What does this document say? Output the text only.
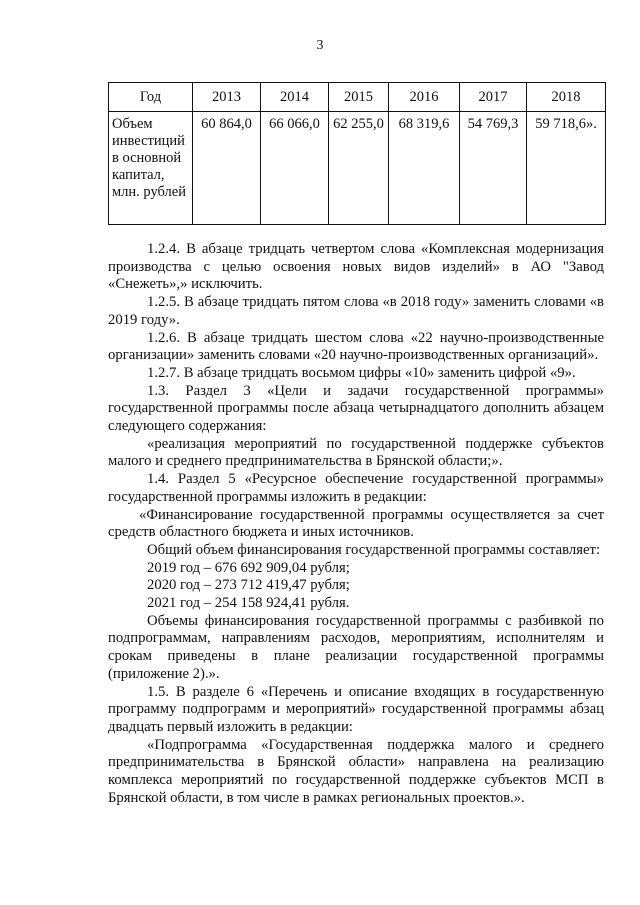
3
Год	2013	2014	2015	2016	2017	2018
Объем инвестиций в основной капитал, млн. рублей	60 864,0	66 066,0	62 255,0	68 319,6	54 769,3	59 718,6».

1.2.4. В абзаце тридцать четвертом слова «Комплексная модернизация производства с целью освоения новых видов изделий» в АО "Завод «Снежеть»,» исключить.

1.2.5. В абзаце тридцать пятом слова «в 2018 году» заменить словами «в 2019 году».

1.2.6. В абзаце тридцать шестом слова «22 научно-производственные организации» заменить словами «20 научно-производственных организаций».

1.2.7. В абзаце тридцать восьмом цифры «10» заменить цифрой «9».

1.3. Раздел 3 «Цели и задачи государственной программы» государственной программы после абзаца четырнадцатого дополнить абзацем следующего содержания:

«реализация мероприятий по государственной поддержке субъектов малого и среднего предпринимательства в Брянской области;».

1.4. Раздел 5 «Ресурсное обеспечение государственной программы» государственной программы изложить в редакции:

«Финансирование государственной программы осуществляется за счет средств областного бюджета и иных источников.

Общий объем финансирования государственной программы составляет:

2019 год – 676 692 909,04 рубля;

2020 год – 273 712 419,47 рубля;

2021 год – 254 158 924,41 рубля.

Объемы финансирования государственной программы с разбивкой по подпрограммам, направлениям расходов, мероприятиям, исполнителям и срокам приведены в плане реализации государственной программы (приложение 2).».

1.5. В разделе 6 «Перечень и описание входящих в государственную программу подпрограмм и мероприятий» государственной программы абзац двадцать первый изложить в редакции:

«Подпрограмма «Государственная поддержка малого и среднего предпринимательства в Брянской области» направлена на реализацию комплекса мероприятий по государственной поддержке субъектов МСП в Брянской области, в том числе в рамках региональных проектов.».
